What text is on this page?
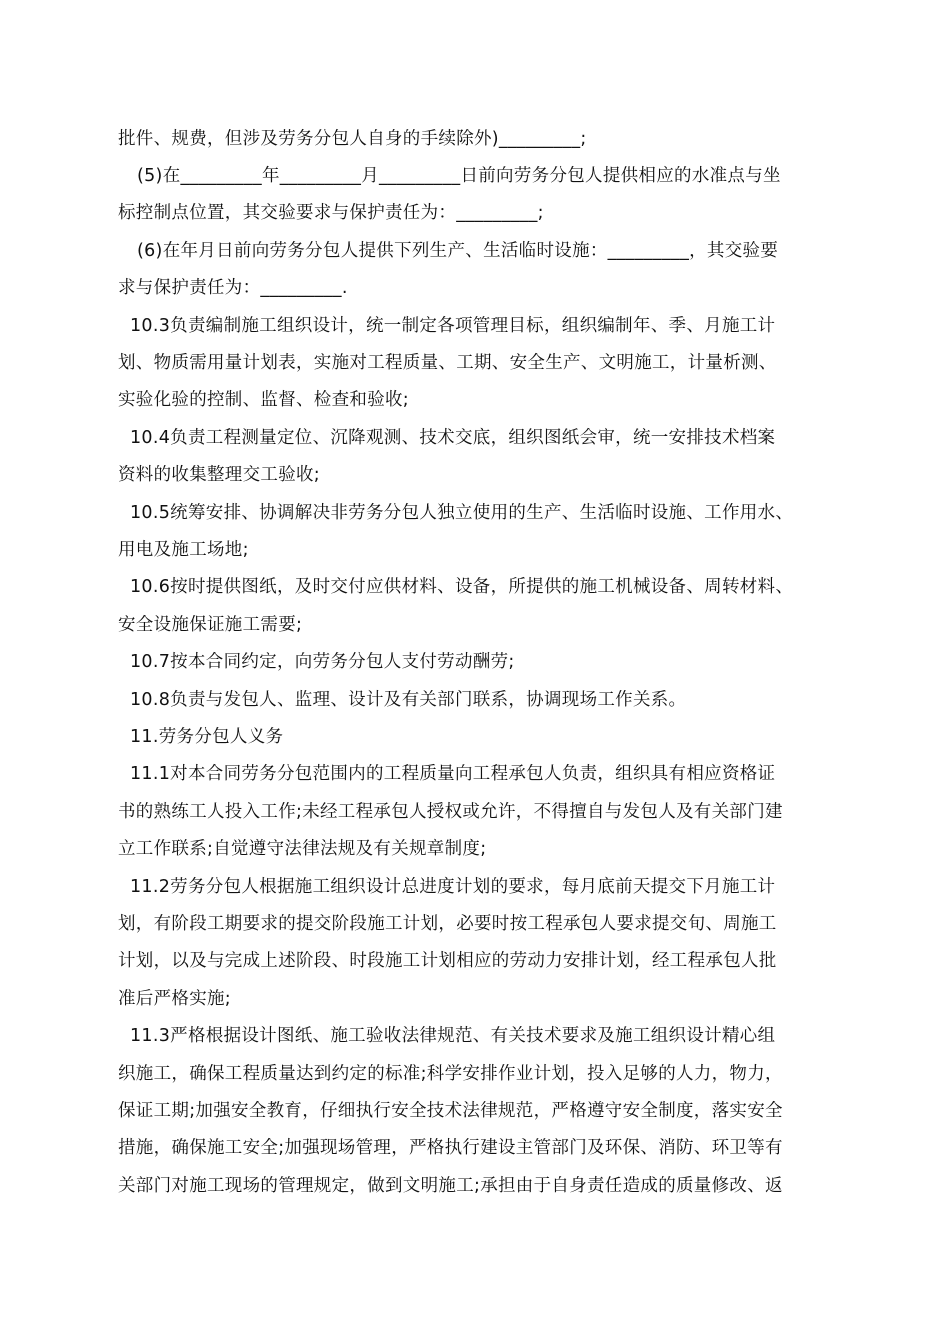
批件、规费，但涉及劳务分包人自身的手续除外)_________;
(5)在_________年_________月_________日前向劳务分包人提供相应的水准点与坐
标控制点位置，其交验要求与保护责任为：_________;
(6)在年月日前向劳务分包人提供下列生产、生活临时设施：_________，其交验要
求与保护责任为：_________.
10.3负责编制施工组织设计，统一制定各项管理目标，组织编制年、季、月施工计
划、物质需用量计划表，实施对工程质量、工期、安全生产、文明施工，计量析测、
实验化验的控制、监督、检查和验收;
10.4负责工程测量定位、沉降观测、技术交底，组织图纸会审，统一安排技术档案
资料的收集整理交工验收;
10.5统筹安排、协调解决非劳务分包人独立使用的生产、生活临时设施、工作用水、
用电及施工场地;
10.6按时提供图纸，及时交付应供材料、设备，所提供的施工机械设备、周转材料、
安全设施保证施工需要;
10.7按本合同约定，向劳务分包人支付劳动酬劳;
10.8负责与发包人、监理、设计及有关部门联系，协调现场工作关系。
11.劳务分包人义务
11.1对本合同劳务分包范围内的工程质量向工程承包人负责，组织具有相应资格证
书的熟练工人投入工作;未经工程承包人授权或允许，不得擅自与发包人及有关部门建
立工作联系;自觉遵守法律法规及有关规章制度;
11.2劳务分包人根据施工组织设计总进度计划的要求，每月底前天提交下月施工计
划，有阶段工期要求的提交阶段施工计划，必要时按工程承包人要求提交旬、周施工
计划，以及与完成上述阶段、时段施工计划相应的劳动力安排计划，经工程承包人批
准后严格实施;
11.3严格根据设计图纸、施工验收法律规范、有关技术要求及施工组织设计精心组
织施工，确保工程质量达到约定的标准;科学安排作业计划，投入足够的人力，物力，
保证工期;加强安全教育，仔细执行安全技术法律规范，严格遵守安全制度，落实安全
措施，确保施工安全;加强现场管理，严格执行建设主管部门及环保、消防、环卫等有
关部门对施工现场的管理规定，做到文明施工;承担由于自身责任造成的质量修改、返
